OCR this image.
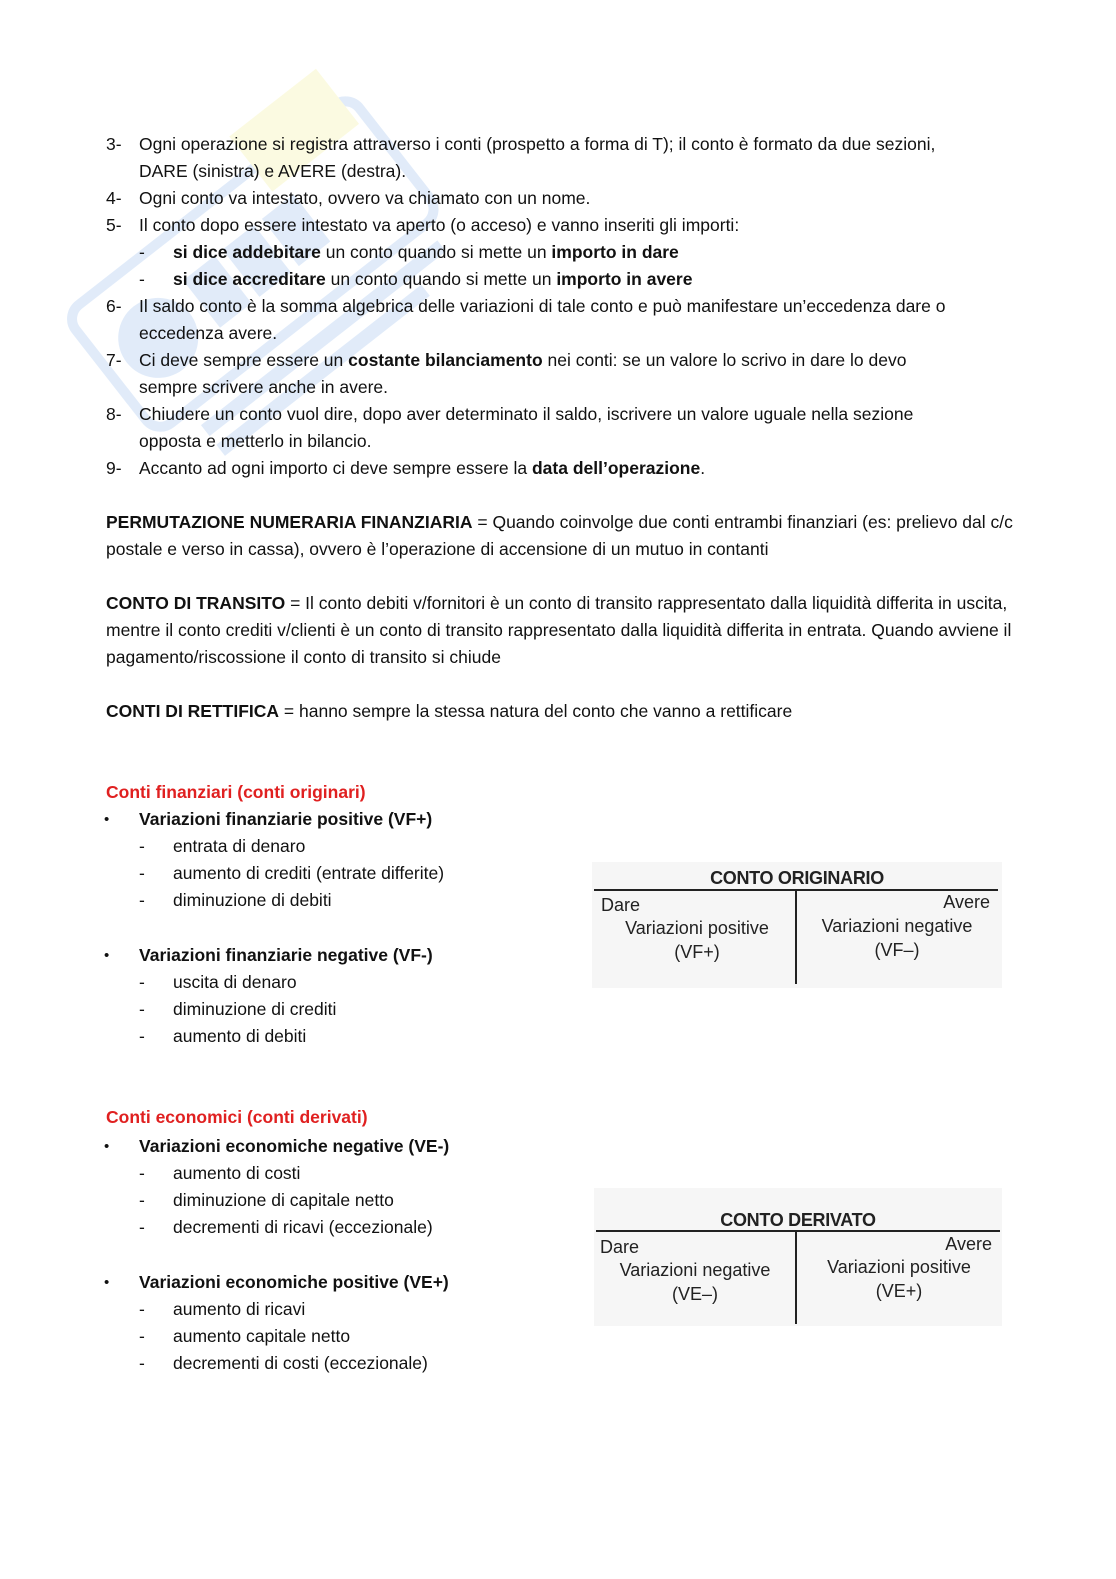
3- Ogni operazione si registra attraverso i conti (prospetto a forma di T); il conto è formato da due sezioni,
DARE (sinistra) e AVERE (destra).
4- Ogni conto va intestato, ovvero va chiamato con un nome.
5- Il conto dopo essere intestato va aperto (o acceso) e vanno inseriti gli importi:
- si dice addebitare un conto quando si mette un importo in dare
- si dice accreditare un conto quando si mette un importo in avere
6- Il saldo conto è la somma algebrica delle variazioni di tale conto e può manifestare un’eccedenza dare o
eccedenza avere.
7- Ci deve sempre essere un costante bilanciamento nei conti: se un valore lo scrivo in dare lo devo
sempre scrivere anche in avere.
8- Chiudere un conto vuol dire, dopo aver determinato il saldo, iscrivere un valore uguale nella sezione
opposta e metterlo in bilancio.
9- Accanto ad ogni importo ci deve sempre essere la data dell’operazione.
PERMUTAZIONE NUMERARIA FINANZIARIA = Quando coinvolge due conti entrambi finanziari (es: prelievo dal c/c postale e verso in cassa), ovvero è l’operazione di accensione di un mutuo in contanti
CONTO DI TRANSITO = Il conto debiti v/fornitori è un conto di transito rappresentato dalla liquidità differita in uscita, mentre il conto crediti v/clienti è un conto di transito rappresentato dalla liquidità differita in entrata. Quando avviene il pagamento/riscossione il conto di transito si chiude
CONTI DI RETTIFICA = hanno sempre la stessa natura del conto che vanno a rettificare
Conti finanziari (conti originari)
• Variazioni finanziarie positive (VF+)
- entrata di denaro
- aumento di crediti (entrate differite)
- diminuzione di debiti
• Variazioni finanziarie negative (VF-)
- uscita di denaro
- diminuzione di crediti
- aumento di debiti
CONTO ORIGINARIO
Dare	Avere
Variazioni positive
(VF+)
Variazioni negative
(VF–)
Conti economici (conti derivati)
• Variazioni economiche negative (VE-)
- aumento di costi
- diminuzione di capitale netto
- decrementi di ricavi (eccezionale)
• Variazioni economiche positive (VE+)
- aumento di ricavi
- aumento capitale netto
- decrementi di costi (eccezionale)
CONTO DERIVATO
Dare	Avere
Variazioni negative
(VE–)
Variazioni positive
(VE+)
